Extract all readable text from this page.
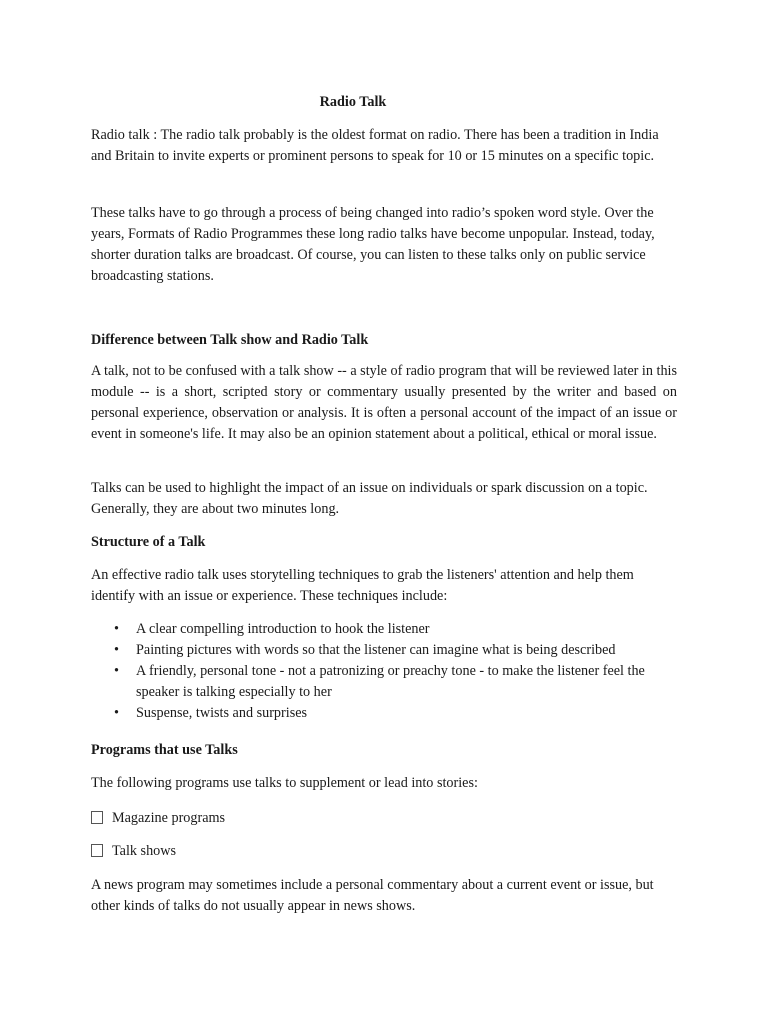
Radio Talk

Radio talk : The radio talk probably is the oldest format on radio. There has been a tradition in India and Britain to invite experts or prominent persons to speak for 10 or 15 minutes on a specific topic.

These talks have to go through a process of being changed into radio’s spoken word style. Over the years, Formats of Radio Programmes these long radio talks have become unpopular. Instead, today, shorter duration talks are broadcast. Of course, you can listen to these talks only on public service broadcasting stations.

Difference between Talk show and Radio Talk

A talk, not to be confused with a talk show -- a style of radio program that will be reviewed later in this module -- is a short, scripted story or commentary usually presented by the writer and based on personal experience, observation or analysis. It is often a personal account of the impact of an issue or event in someone's life. It may also be an opinion statement about a political, ethical or moral issue.

Talks can be used to highlight the impact of an issue on individuals or spark discussion on a topic. Generally, they are about two minutes long.

Structure of a Talk

An effective radio talk uses storytelling techniques to grab the listeners' attention and help them identify with an issue or experience. These techniques include:

• A clear compelling introduction to hook the listener
• Painting pictures with words so that the listener can imagine what is being described
• A friendly, personal tone - not a patronizing or preachy tone - to make the listener feel the speaker is talking especially to her
• Suspense, twists and surprises

Programs that use Talks

The following programs use talks to supplement or lead into stories:

Magazine programs

Talk shows

A news program may sometimes include a personal commentary about a current event or issue, but other kinds of talks do not usually appear in news shows.
